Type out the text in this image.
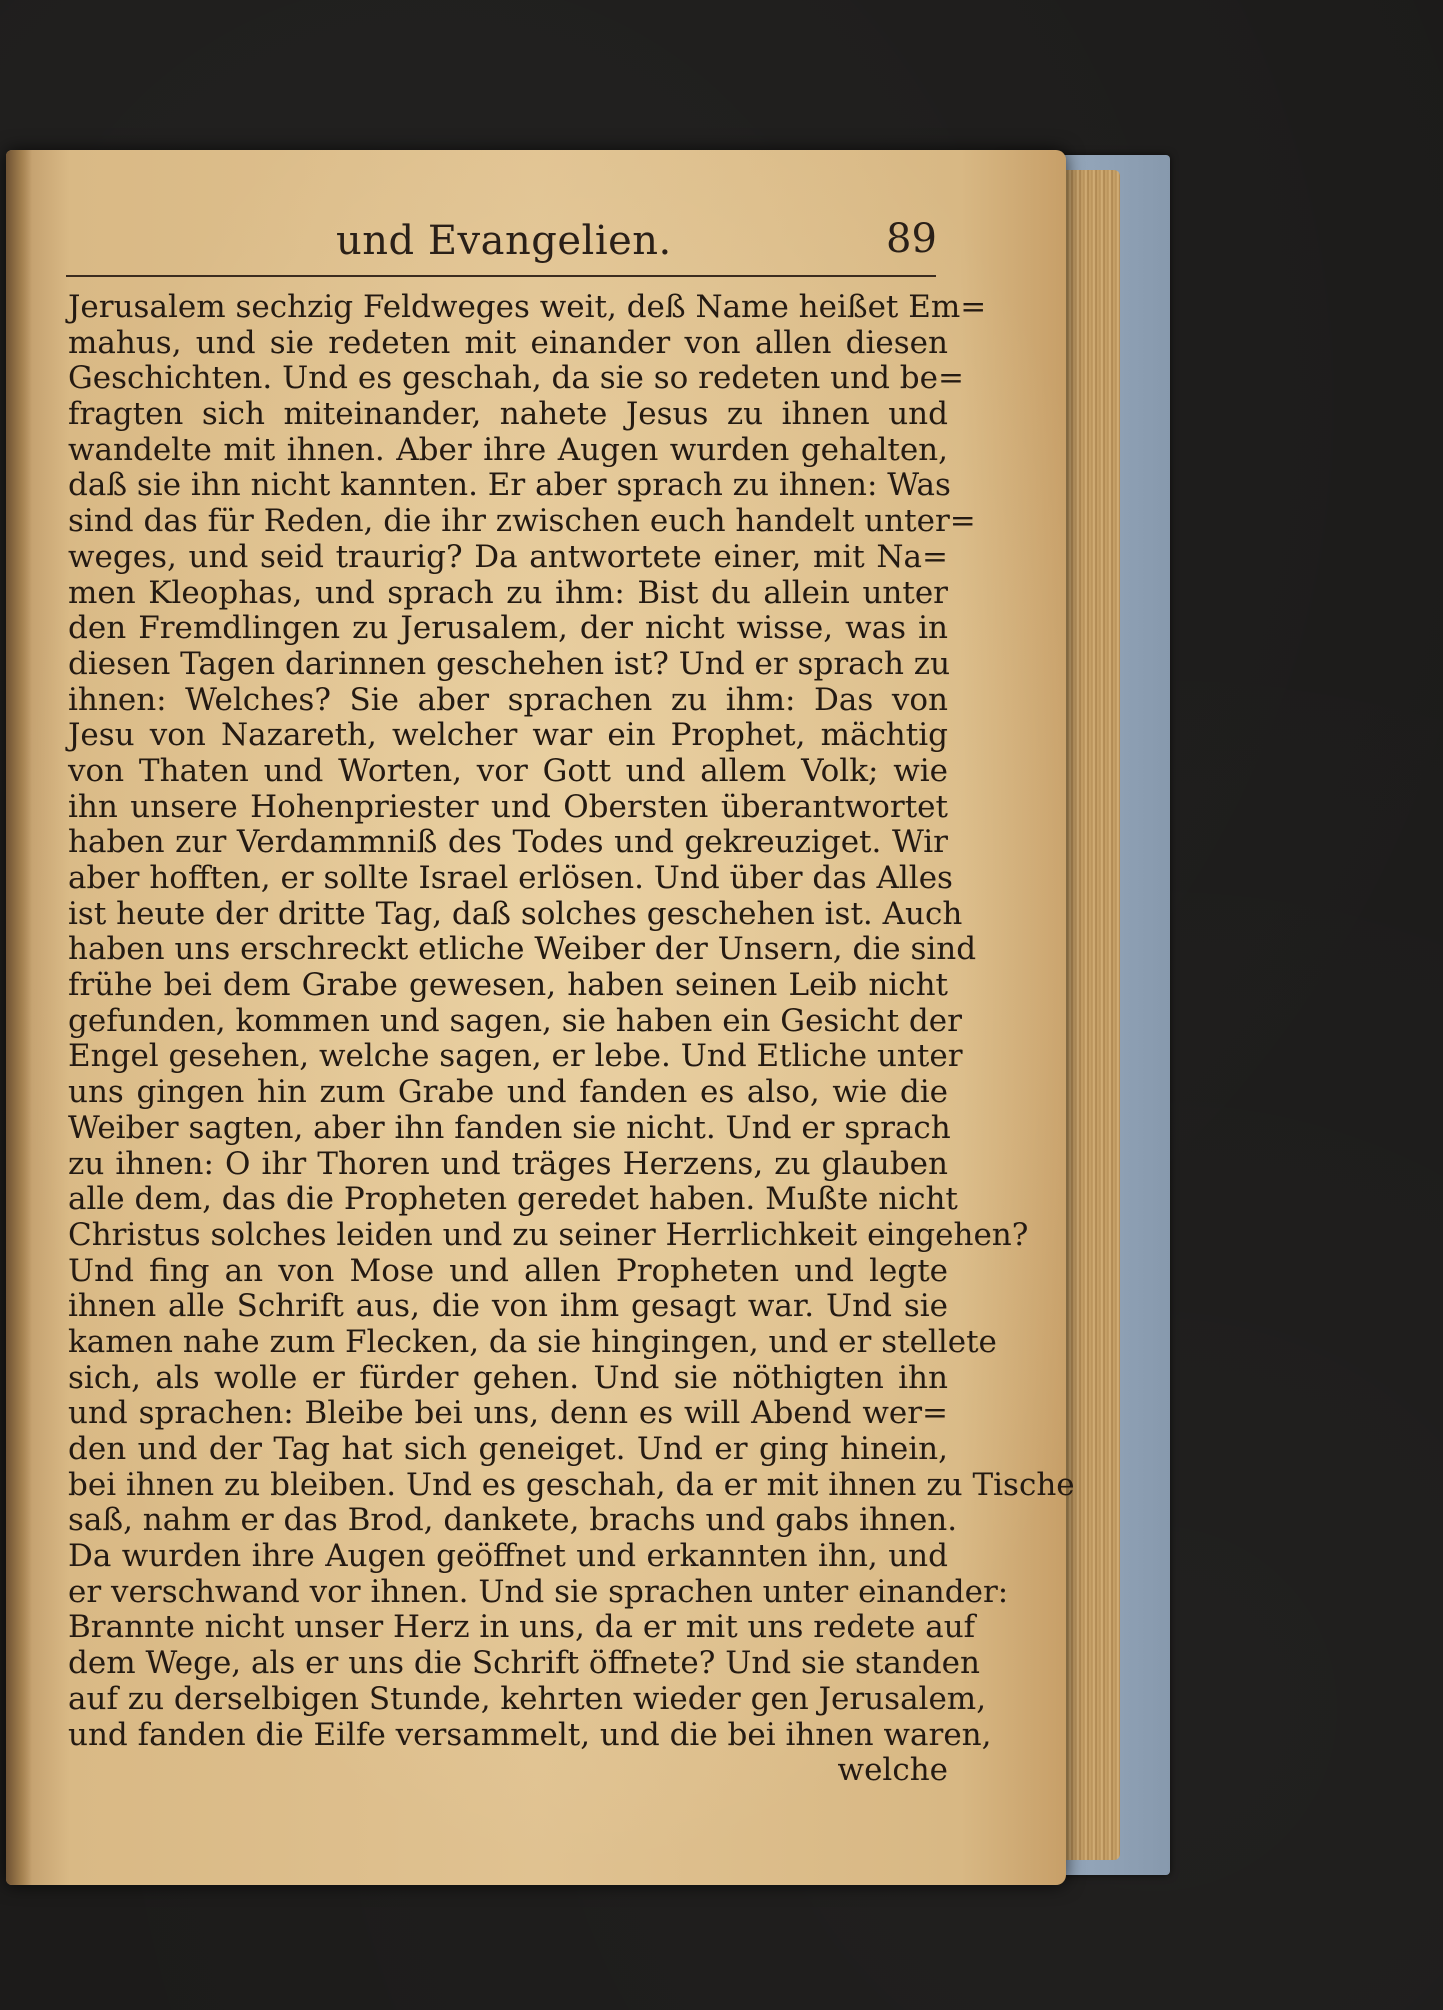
und Evangelien.	89
Jerusalem sechzig Feldweges weit, deß Name heißet Em=
mahus, und sie redeten mit einander von allen diesen
Geschichten. Und es geschah, da sie so redeten und be=
fragten sich miteinander, nahete Jesus zu ihnen und
wandelte mit ihnen. Aber ihre Augen wurden gehalten,
daß sie ihn nicht kannten. Er aber sprach zu ihnen: Was
sind das für Reden, die ihr zwischen euch handelt unter=
weges, und seid traurig? Da antwortete einer, mit Na=
men Kleophas, und sprach zu ihm: Bist du allein unter
den Fremdlingen zu Jerusalem, der nicht wisse, was in
diesen Tagen darinnen geschehen ist? Und er sprach zu
ihnen: Welches? Sie aber sprachen zu ihm: Das von
Jesu von Nazareth, welcher war ein Prophet, mächtig
von Thaten und Worten, vor Gott und allem Volk; wie
ihn unsere Hohenpriester und Obersten überantwortet
haben zur Verdammniß des Todes und gekreuziget. Wir
aber hofften, er sollte Israel erlösen. Und über das Alles
ist heute der dritte Tag, daß solches geschehen ist. Auch
haben uns erschreckt etliche Weiber der Unsern, die sind
frühe bei dem Grabe gewesen, haben seinen Leib nicht
gefunden, kommen und sagen, sie haben ein Gesicht der
Engel gesehen, welche sagen, er lebe. Und Etliche unter
uns gingen hin zum Grabe und fanden es also, wie die
Weiber sagten, aber ihn fanden sie nicht. Und er sprach
zu ihnen: O ihr Thoren und träges Herzens, zu glauben
alle dem, das die Propheten geredet haben. Mußte nicht
Christus solches leiden und zu seiner Herrlichkeit eingehen?
Und fing an von Mose und allen Propheten und legte
ihnen alle Schrift aus, die von ihm gesagt war. Und sie
kamen nahe zum Flecken, da sie hingingen, und er stellete
sich, als wolle er fürder gehen. Und sie nöthigten ihn
und sprachen: Bleibe bei uns, denn es will Abend wer=
den und der Tag hat sich geneiget. Und er ging hinein,
bei ihnen zu bleiben. Und es geschah, da er mit ihnen zu Tische
saß, nahm er das Brod, dankete, brachs und gabs ihnen.
Da wurden ihre Augen geöffnet und erkannten ihn, und
er verschwand vor ihnen. Und sie sprachen unter einander:
Brannte nicht unser Herz in uns, da er mit uns redete auf
dem Wege, als er uns die Schrift öffnete? Und sie standen
auf zu derselbigen Stunde, kehrten wieder gen Jerusalem,
und fanden die Eilfe versammelt, und die bei ihnen waren,
welche
